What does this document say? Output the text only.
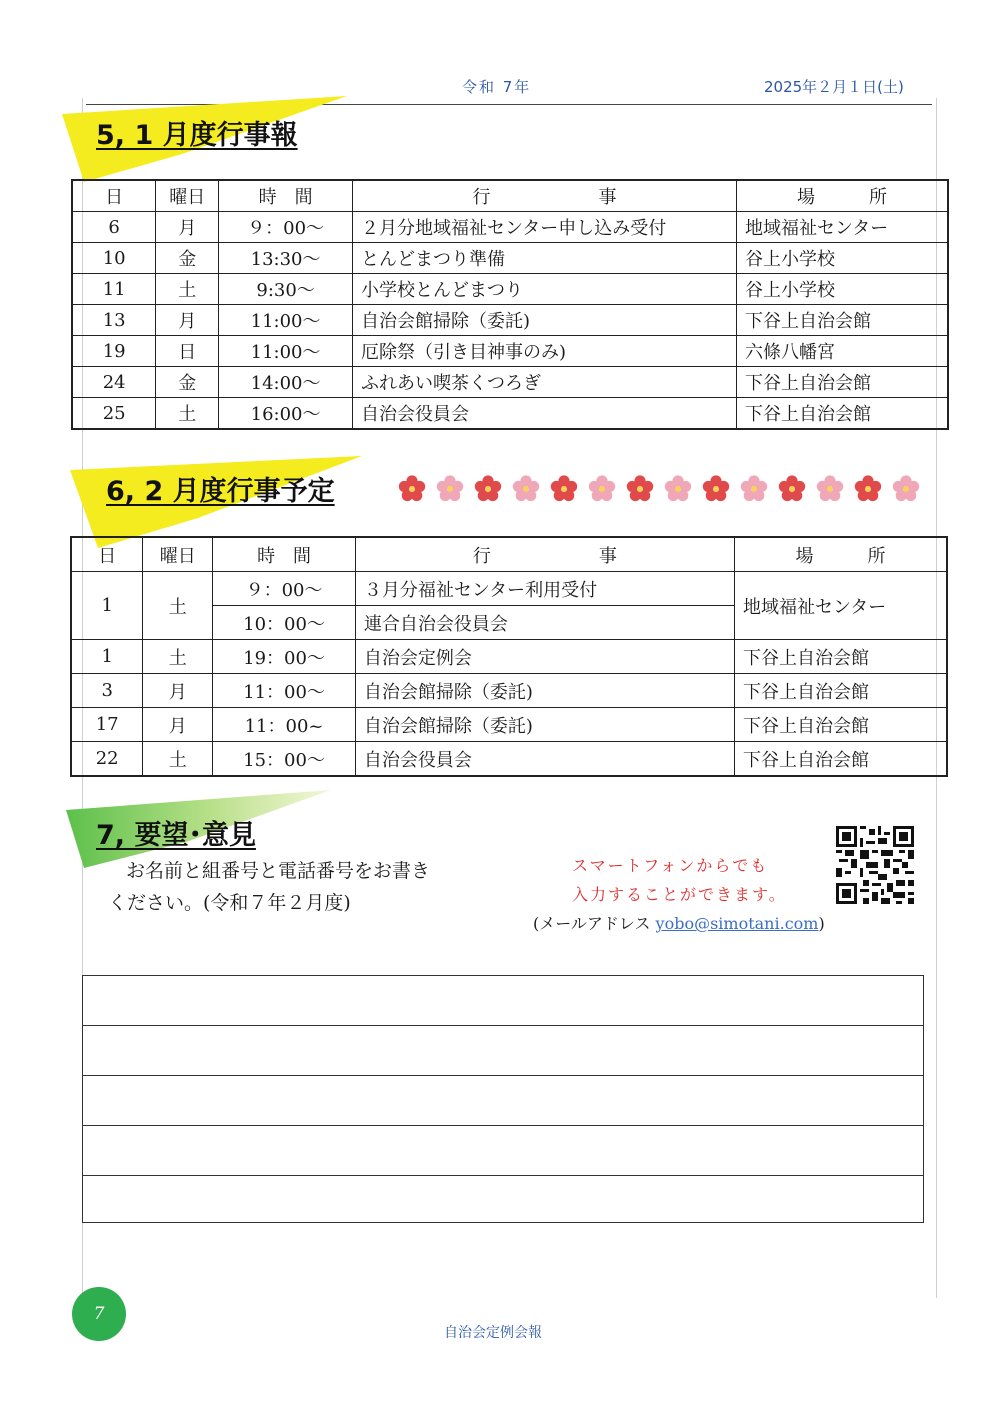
令和 7年	2025年２月１日(土)
5, 1 月度行事報
日	曜日	時　間	行　　　　　　事	場　　　所
6	月	９：00〜	２月分地域福祉センター申し込み受付	地域福祉センター
10	金	13:30〜	とんどまつり準備	谷上小学校
11	土	9:30〜	小学校とんどまつり	谷上小学校
13	月	11:00〜	自治会館掃除（委託)	下谷上自治会館
19	日	11:00〜	厄除祭（引き目神事のみ)	六條八幡宮
24	金	14:00〜	ふれあい喫茶くつろぎ	下谷上自治会館
25	土	16:00〜	自治会役員会	下谷上自治会館
6, 2 月度行事予定
日	曜日	時　間	行　　　　　　事	場　　　所
1	土	９：00〜	３月分福祉センター利用受付	地域福祉センター
		10：00〜	連合自治会役員会	
1	土	19：00〜	自治会定例会	下谷上自治会館
3	月	11：00〜	自治会館掃除（委託)	下谷上自治会館
17	月	11：00~	自治会館掃除（委託)	下谷上自治会館
22	土	15：00〜	自治会役員会	下谷上自治会館
7, 要望･意見
お名前と組番号と電話番号をお書き
ください。(令和７年２月度)
スマートフォンからでも
入力することができます。
(メールアドレス yobo@simotani.com)
7
自治会定例会報
